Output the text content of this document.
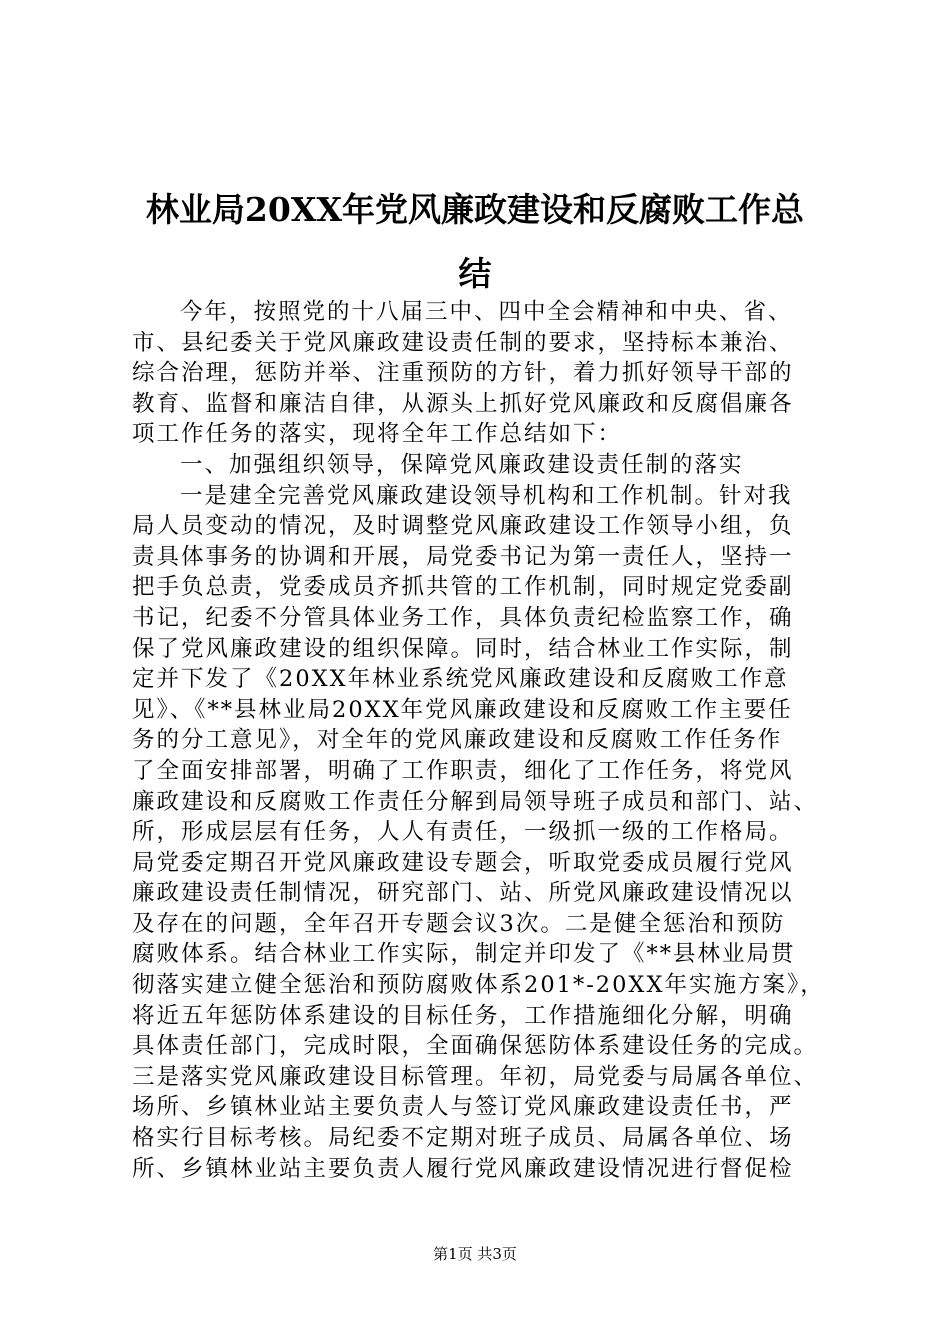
林业局20XX年党风廉政建设和反腐败工作总
结
今年，按照党的十八届三中、四中全会精神和中央、省、
市、县纪委关于党风廉政建设责任制的要求，坚持标本兼治、
综合治理，惩防并举、注重预防的方针，着力抓好领导干部的
教育、监督和廉洁自律，从源头上抓好党风廉政和反腐倡廉各
项工作任务的落实，现将全年工作总结如下：
一、加强组织领导，保障党风廉政建设责任制的落实
一是建全完善党风廉政建设领导机构和工作机制。针对我
局人员变动的情况，及时调整党风廉政建设工作领导小组，负
责具体事务的协调和开展，局党委书记为第一责任人，坚持一
把手负总责，党委成员齐抓共管的工作机制，同时规定党委副
书记，纪委不分管具体业务工作，具体负责纪检监察工作，确
保了党风廉政建设的组织保障。同时，结合林业工作实际，制
定并下发了《20XX年林业系统党风廉政建设和反腐败工作意
见》、《**县林业局20XX年党风廉政建设和反腐败工作主要任
务的分工意见》，对全年的党风廉政建设和反腐败工作任务作
了全面安排部署，明确了工作职责，细化了工作任务，将党风
廉政建设和反腐败工作责任分解到局领导班子成员和部门、站、
所，形成层层有任务，人人有责任，一级抓一级的工作格局。
局党委定期召开党风廉政建设专题会，听取党委成员履行党风
廉政建设责任制情况，研究部门、站、所党风廉政建设情况以
及存在的问题，全年召开专题会议3次。二是健全惩治和预防
腐败体系。结合林业工作实际，制定并印发了《**县林业局贯
彻落实建立健全惩治和预防腐败体系201*-20XX年实施方案》，
将近五年惩防体系建设的目标任务，工作措施细化分解，明确
具体责任部门，完成时限，全面确保惩防体系建设任务的完成。
三是落实党风廉政建设目标管理。年初，局党委与局属各单位、
场所、乡镇林业站主要负责人与签订党风廉政建设责任书，严
格实行目标考核。局纪委不定期对班子成员、局属各单位、场
所、乡镇林业站主要负责人履行党风廉政建设情况进行督促检
第1页 共3页
